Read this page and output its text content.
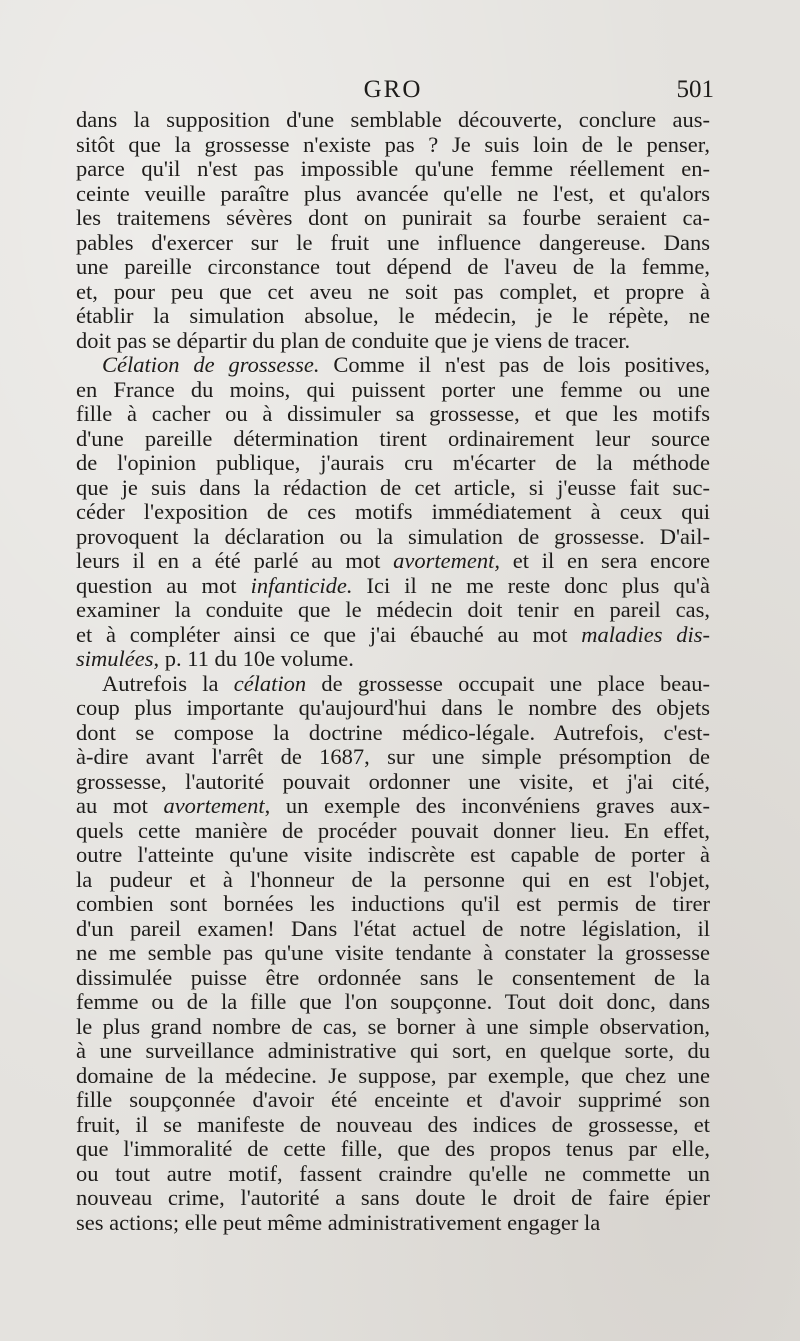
GRO	501
dans la supposition d'une semblable découverte, conclure aus-
sitôt que la grossesse n'existe pas ? Je suis loin de le penser,
parce qu'il n'est pas impossible qu'une femme réellement en-
ceinte veuille paraître plus avancée qu'elle ne l'est, et qu'alors
les traitemens sévères dont on punirait sa fourbe seraient ca-
pables d'exercer sur le fruit une influence dangereuse. Dans
une pareille circonstance tout dépend de l'aveu de la femme,
et, pour peu que cet aveu ne soit pas complet, et propre à
établir la simulation absolue, le médecin, je le répète, ne
doit pas se départir du plan de conduite que je viens de tracer.
Célation de grossesse. Comme il n'est pas de lois positives,
en France du moins, qui puissent porter une femme ou une
fille à cacher ou à dissimuler sa grossesse, et que les motifs
d'une pareille détermination tirent ordinairement leur source
de l'opinion publique, j'aurais cru m'écarter de la méthode
que je suis dans la rédaction de cet article, si j'eusse fait suc-
céder l'exposition de ces motifs immédiatement à ceux qui
provoquent la déclaration ou la simulation de grossesse. D'ail-
leurs il en a été parlé au mot avortement, et il en sera encore
question au mot infanticide. Ici il ne me reste donc plus qu'à
examiner la conduite que le médecin doit tenir en pareil cas,
et à compléter ainsi ce que j'ai ébauché au mot maladies dis-
simulées, p. 11 du 10e volume.
Autrefois la célation de grossesse occupait une place beau-
coup plus importante qu'aujourd'hui dans le nombre des objets
dont se compose la doctrine médico-légale. Autrefois, c'est-
à-dire avant l'arrêt de 1687, sur une simple présomption de
grossesse, l'autorité pouvait ordonner une visite, et j'ai cité,
au mot avortement, un exemple des inconvéniens graves aux-
quels cette manière de procéder pouvait donner lieu. En effet,
outre l'atteinte qu'une visite indiscrète est capable de porter à
la pudeur et à l'honneur de la personne qui en est l'objet,
combien sont bornées les inductions qu'il est permis de tirer
d'un pareil examen! Dans l'état actuel de notre législation, il
ne me semble pas qu'une visite tendante à constater la grossesse
dissimulée puisse être ordonnée sans le consentement de la
femme ou de la fille que l'on soupçonne. Tout doit donc, dans
le plus grand nombre de cas, se borner à une simple observation,
à une surveillance administrative qui sort, en quelque sorte, du
domaine de la médecine. Je suppose, par exemple, que chez une
fille soupçonnée d'avoir été enceinte et d'avoir supprimé son
fruit, il se manifeste de nouveau des indices de grossesse, et
que l'immoralité de cette fille, que des propos tenus par elle,
ou tout autre motif, fassent craindre qu'elle ne commette un
nouveau crime, l'autorité a sans doute le droit de faire épier
ses actions; elle peut même administrativement engager la
